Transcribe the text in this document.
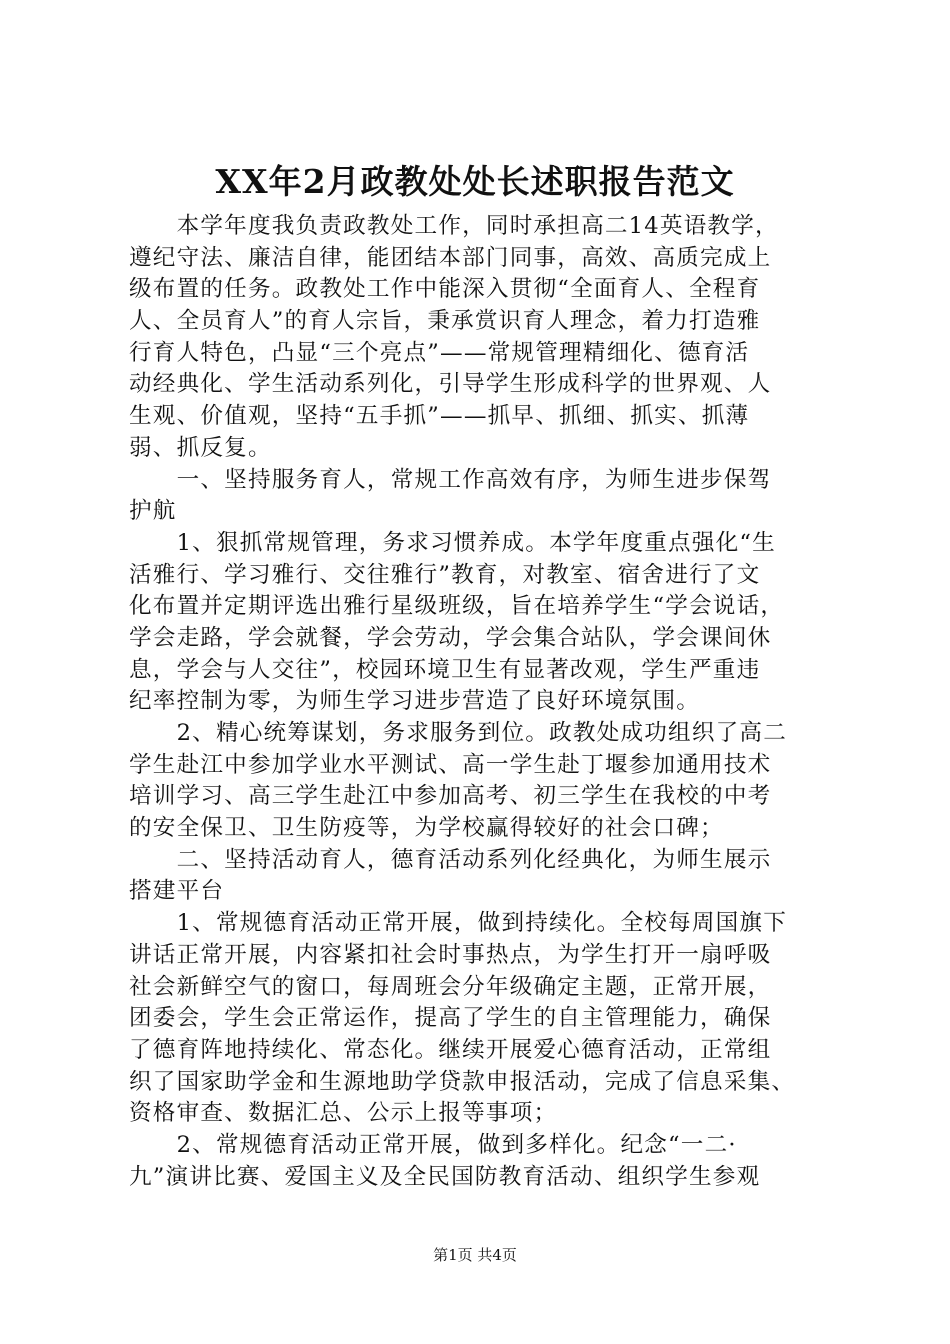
XX年2月政教处处长述职报告范文
　　本学年度我负责政教处工作，同时承担高二14英语教学，
遵纪守法、廉洁自律，能团结本部门同事，高效、高质完成上
级布置的任务。政教处工作中能深入贯彻“全面育人、全程育
人、全员育人”的育人宗旨，秉承赏识育人理念，着力打造雅
行育人特色，凸显“三个亮点”——常规管理精细化、德育活
动经典化、学生活动系列化，引导学生形成科学的世界观、人
生观、价值观，坚持“五手抓”——抓早、抓细、抓实、抓薄
弱、抓反复。
　　一、坚持服务育人，常规工作高效有序，为师生进步保驾
护航
　　1、狠抓常规管理，务求习惯养成。本学年度重点强化“生
活雅行、学习雅行、交往雅行”教育，对教室、宿舍进行了文
化布置并定期评选出雅行星级班级，旨在培养学生“学会说话，
学会走路，学会就餐，学会劳动，学会集合站队，学会课间休
息，学会与人交往”，校园环境卫生有显著改观，学生严重违
纪率控制为零，为师生学习进步营造了良好环境氛围。
　　2、精心统筹谋划，务求服务到位。政教处成功组织了高二
学生赴江中参加学业水平测试、高一学生赴丁堰参加通用技术
培训学习、高三学生赴江中参加高考、初三学生在我校的中考
的安全保卫、卫生防疫等，为学校赢得较好的社会口碑；
　　二、坚持活动育人，德育活动系列化经典化，为师生展示
搭建平台
　　1、常规德育活动正常开展，做到持续化。全校每周国旗下
讲话正常开展，内容紧扣社会时事热点，为学生打开一扇呼吸
社会新鲜空气的窗口，每周班会分年级确定主题，正常开展，
团委会，学生会正常运作，提高了学生的自主管理能力，确保
了德育阵地持续化、常态化。继续开展爱心德育活动，正常组
织了国家助学金和生源地助学贷款申报活动，完成了信息采集、
资格审查、数据汇总、公示上报等事项；
　　2、常规德育活动正常开展，做到多样化。纪念“一二·
九”演讲比赛、爱国主义及全民国防教育活动、组织学生参观
第1页 共4页
